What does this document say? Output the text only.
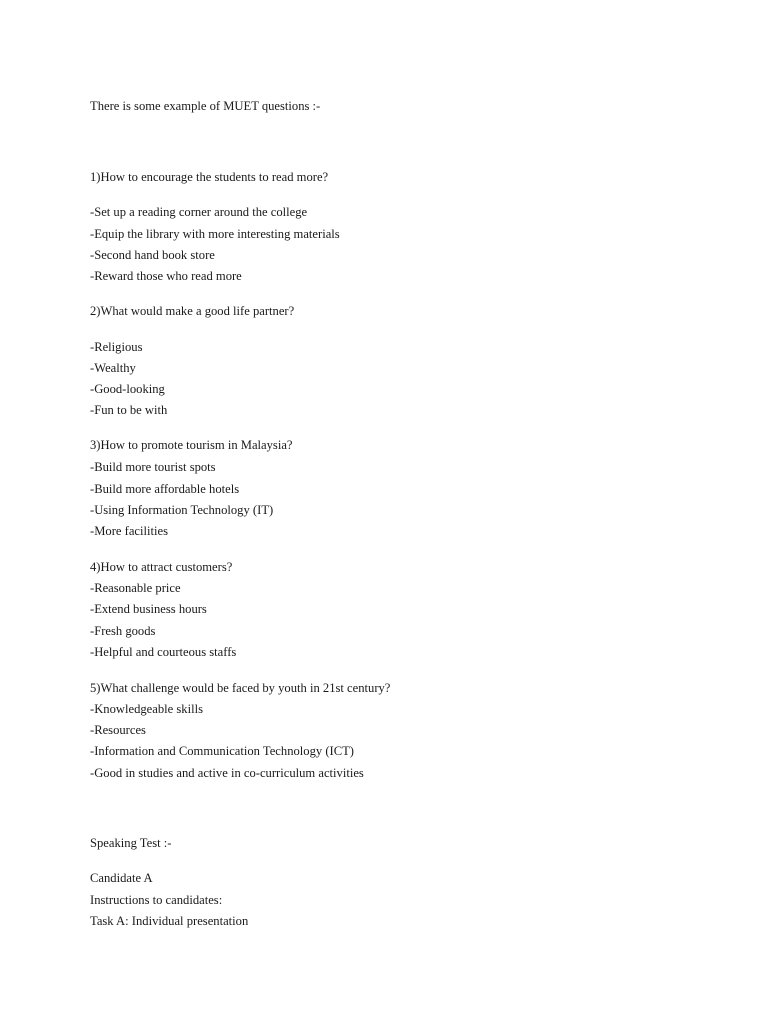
There is some example of MUET questions :-
1)How to encourage the students to read more?
-Set up a reading corner around the college
-Equip the library with more interesting materials
-Second hand book store
-Reward those who read more
2)What would make a good life partner?
-Religious
-Wealthy
-Good-looking
-Fun to be with
3)How to promote tourism in Malaysia?
-Build more tourist spots
-Build more affordable hotels
-Using Information Technology (IT)
-More facilities
4)How to attract customers?
-Reasonable price
-Extend business hours
-Fresh goods
-Helpful and courteous staffs
5)What challenge would be faced by youth in 21st century?
-Knowledgeable skills
-Resources
-Information and Communication Technology (ICT)
-Good in studies and active in co-curriculum activities
Speaking Test :-
Candidate A
Instructions to candidates:
Task A: Individual presentation
